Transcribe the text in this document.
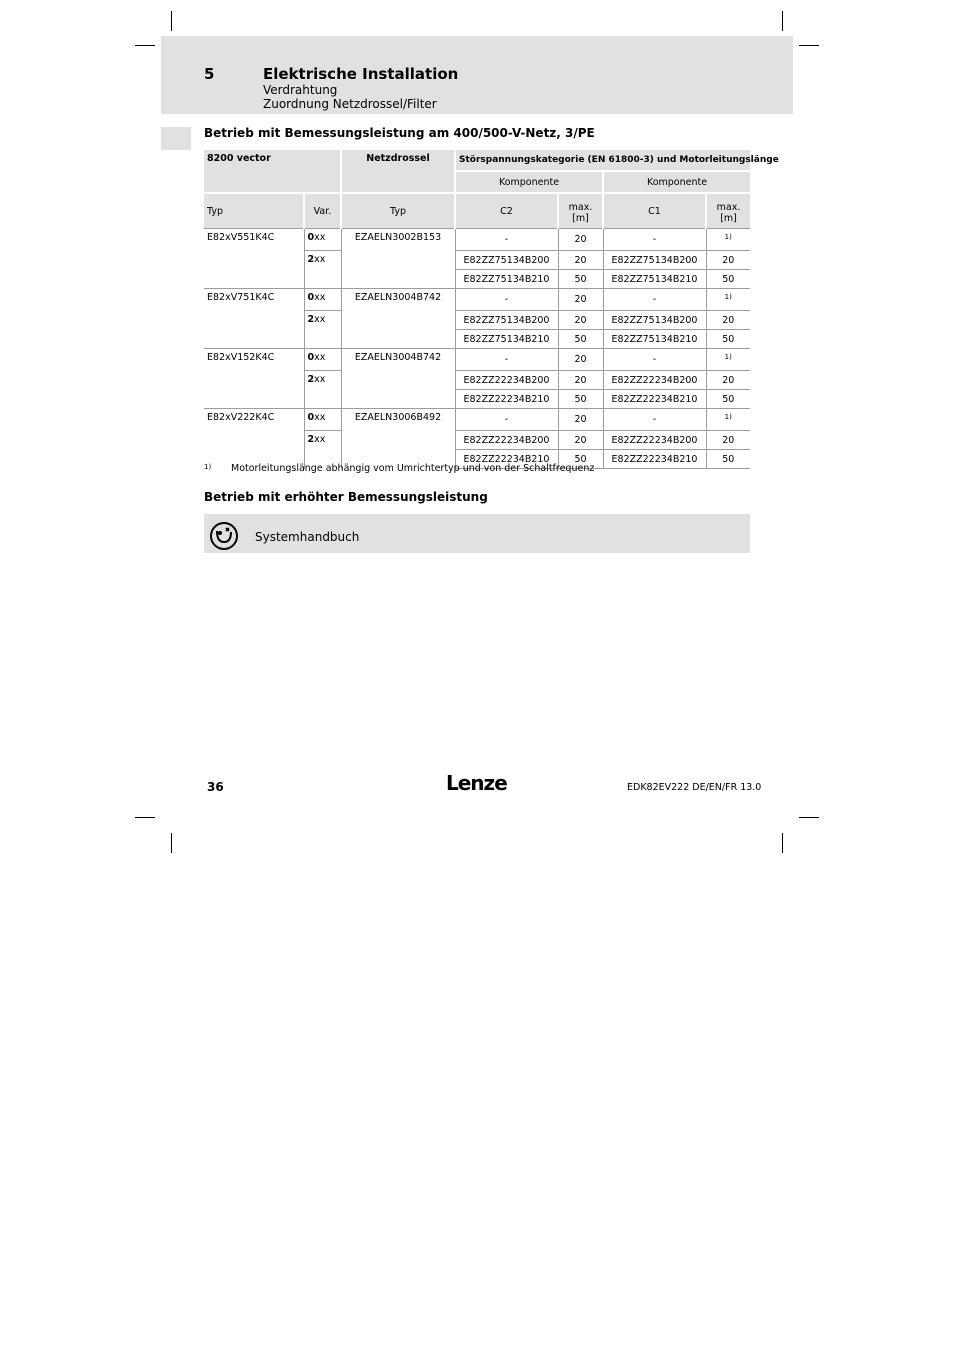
5	Elektrische Installation
Verdrahtung
Zuordnung Netzdrossel/Filter
Betrieb mit Bemessungsleistung am 400/500-V-Netz, 3/PE
8200 vector		Netzdrossel	Störspannungskategorie (EN 61800-3) und Motorleitungslänge			
			Komponente		Komponente	
Typ	Var.	Typ	C2	max. [m]	C1	max. [m]
E82xV551K4C	0xx	EZAELN3002B153	-	20	-	$^{1)}$
	2xx		E82ZZ75134B200	20	E82ZZ75134B200	20
			E82ZZ75134B210	50	E82ZZ75134B210	50
E82xV751K4C	0xx	EZAELN3004B742	-	20	-	$^{1)}$
	2xx		E82ZZ75134B200	20	E82ZZ75134B200	20
			E82ZZ75134B210	50	E82ZZ75134B210	50
E82xV152K4C	0xx	EZAELN3004B742	-	20	-	$^{1)}$
	2xx		E82ZZ22234B200	20	E82ZZ22234B200	20
			E82ZZ22234B210	50	E82ZZ22234B210	50
E82xV222K4C	0xx	EZAELN3006B492	-	20	-	$^{1)}$
	2xx		E82ZZ22234B200	20	E82ZZ22234B200	20
			E82ZZ22234B210	50	E82ZZ22234B210	50
1) Motorleitungslänge abhängig vom Umrichtertyp und von der Schaltfrequenz
Betrieb mit erhöhter Bemessungsleistung
Systemhandbuch
36	Lenze	EDK82EV222 DE/EN/FR 13.0
